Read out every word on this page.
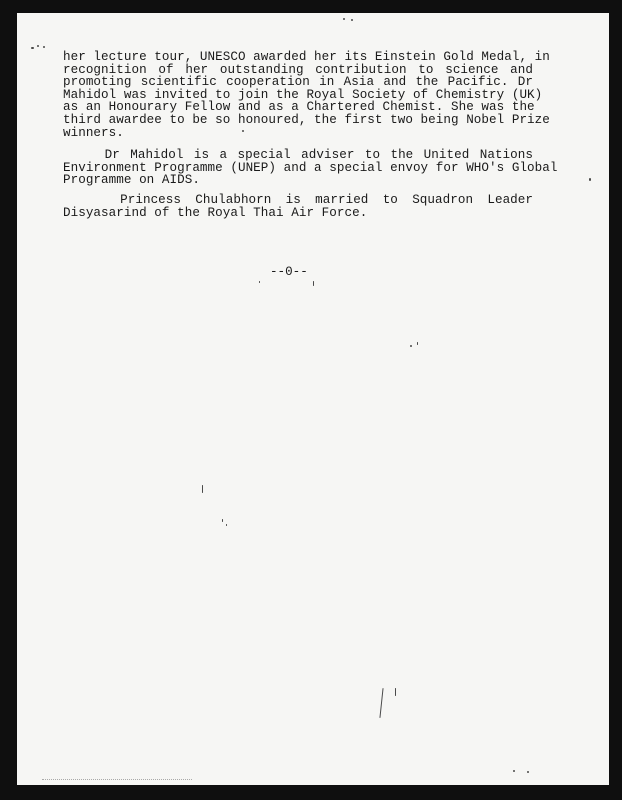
her lecture tour, UNESCO awarded her its Einstein Gold Medal, in
recognition of her outstanding contribution to science and
promoting scientific cooperation in Asia and the Pacific. Dr
Mahidol was invited to join the Royal Society of Chemistry (UK)
as an Honourary Fellow and as a Chartered Chemist. She was the
third awardee to be so honoured, the first two being Nobel Prize
winners.
Dr Mahidol is a special adviser to the United Nations
Environment Programme (UNEP) and a special envoy for WHO's Global
Programme on AIDS.
Princess Chulabhorn is married to Squadron Leader
Disyasarind of the Royal Thai Air Force.
--0--
